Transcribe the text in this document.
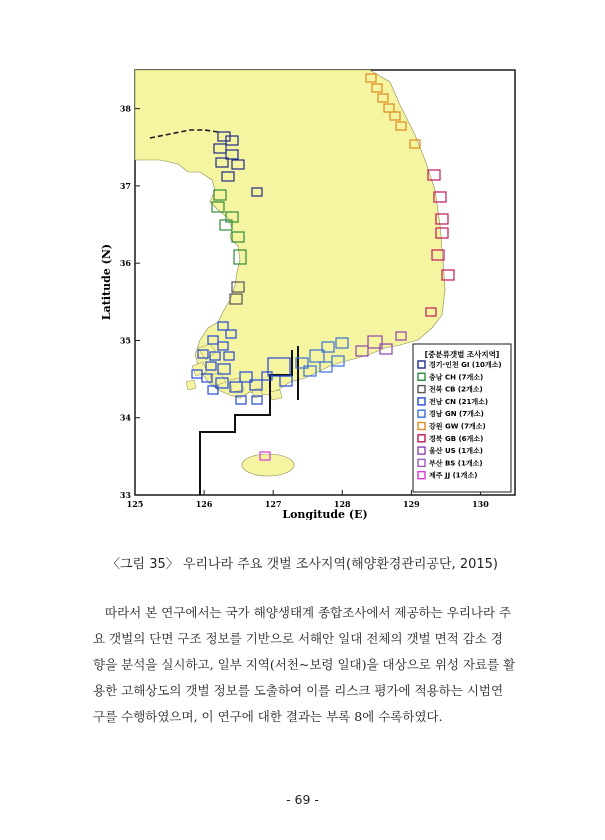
125	126	127	128	129	130
38
37
36
35
34
33
Longitude (E)
Latitude (N)
[중분류갯벌 조사지역]
경기·인천 GI (10개소)
충남 CH (7개소)
전북 CB (2개소)
전남 CN (21개소)
경남 GN (7개소)
강원 GW (7개소)
경북 GB (6개소)
울산 US (1개소)
부산 BS (1개소)
제주 JJ (1개소)
〈그림 35〉 우리나라 주요 갯벌 조사지역(해양환경관리공단, 2015)
따라서 본 연구에서는 국가 해양생태계 종합조사에서 제공하는 우리나라 주
요 갯벌의 단면 구조 정보를 기반으로 서해안 일대 전체의 갯벌 면적 감소 경
향을 분석을 실시하고, 일부 지역(서천~보령 일대)을 대상으로 위성 자료를 활
용한 고해상도의 갯벌 정보를 도출하여 이를 리스크 평가에 적용하는 시범연
구를 수행하였으며, 이 연구에 대한 결과는 부록 8에 수록하였다.
- 69 -
